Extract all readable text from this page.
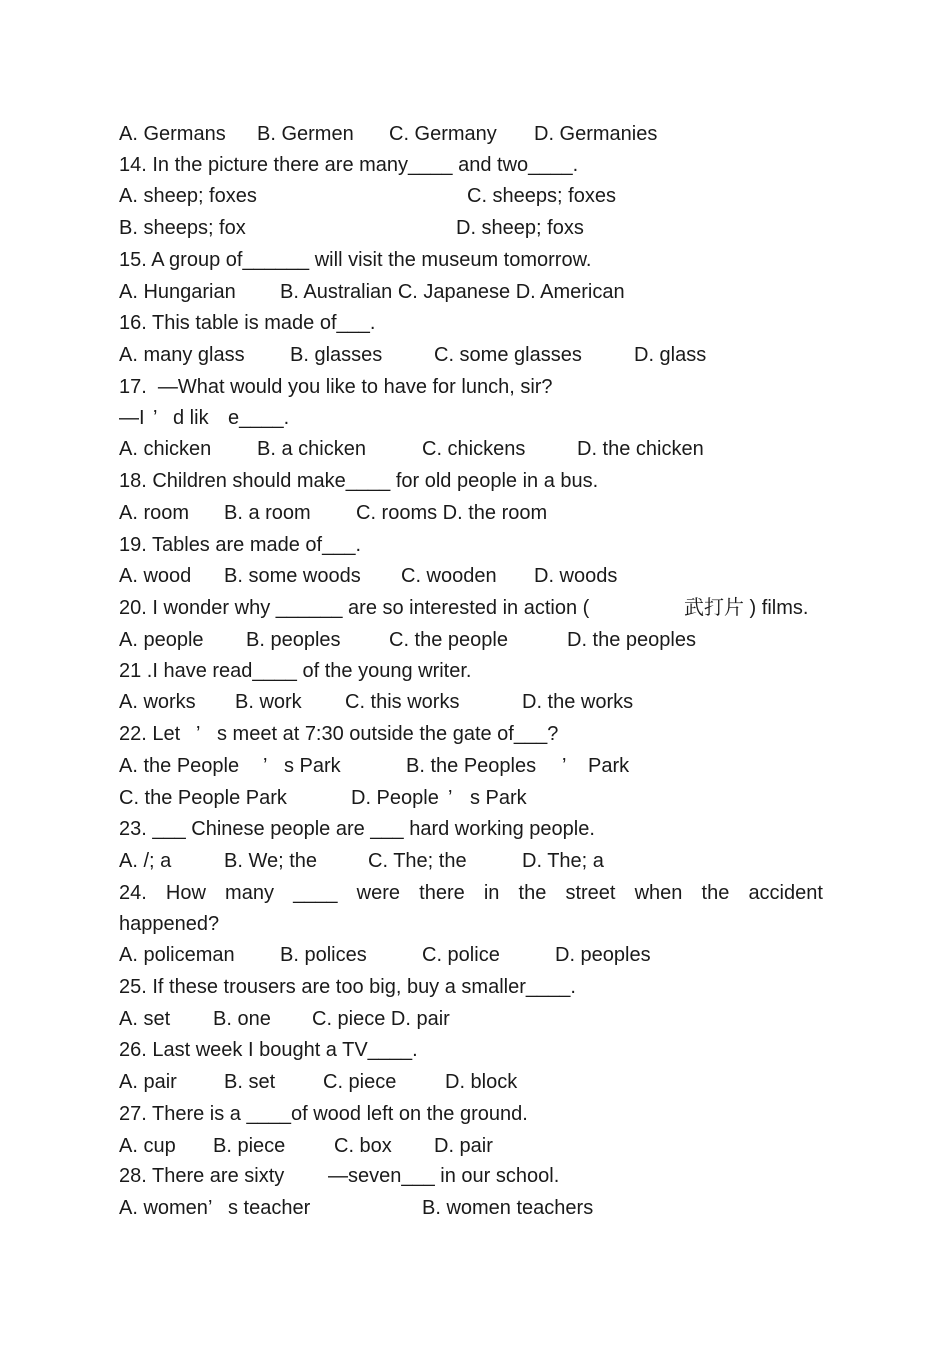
A. Germans

B. Germen

C. Germany

D. Germanies

14. In the picture there are many____ and two____.

A. sheep; foxes

	C. sheeps; foxes

B. sheeps; fox

	D. sheep; foxs

15. A group of______ will visit the museum tomorrow.

A. Hungarian

B. Australian C. Japanese D. American

16. This table is made of___.

A. many glass

B. glasses

	C. some glasses

	D. glass

17.  —What would you like to have for lunch, sir?

—I

’

d lik

e____.

A. chicken

B. a chicken

	C. chickens

	D. the chicken

18. Children should make____ for old people in a bus.

A. room

B. a room

C. rooms D. the room

19. Tables are made of___.

A. wood

B. some woods

C. wooden

D. woods

20. I wonder why ______ are so interested in action (

	武打片 ) films.

A. people

B. peoples

C. the people

	D. the peoples

21 .I have read____ of the young writer.

A. works

B. work

C. this works

	D. the works

22. Let

’

s meet at 7:30 outside the gate of___?

A. the People

’

s Park

	B. the Peoples

’

Park

C. the People Park

	D. People

’

s Park

23. ___ Chinese people are ___ hard working people.

A. /; a

	B. We; the

	C. The; the

	D. The; a

24. How many ____ were there in the street when the accident

happened?

A. policeman

B. polices

	C. police

	D. peoples

25. If these trousers are too big, buy a smaller____.

A. set

B. one

C. piece D. pair

26. Last week I bought a TV____.

A. pair

B. set

C. piece

D. block

27. There is a ____of wood left on the ground.

A. cup

B. piece

C. box

D. pair

28. There are sixty

—seven___ in our school.

A. women

’

s teacher

	B. women teachers
